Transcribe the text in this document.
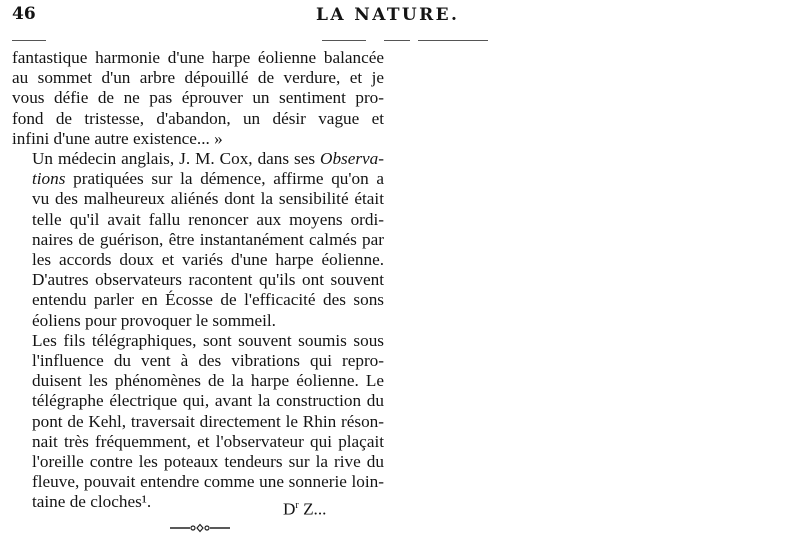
46	LA NATURE.

fantastique harmonie d'une harpe éolienne balancée
au sommet d'un arbre dépouillé de verdure, et je
vous défie de ne pas éprouver un sentiment pro-
fond de tristesse, d'abandon, un désir vague et
infini d'une autre existence... »

Un médecin anglais, J. M. Cox, dans ses Observa-
tions pratiquées sur la démence, affirme qu'on a
vu des malheureux aliénés dont la sensibilité était
telle qu'il avait fallu renoncer aux moyens ordi-
naires de guérison, être instantanément calmés par
les accords doux et variés d'une harpe éolienne.
D'autres observateurs racontent qu'ils ont souvent
entendu parler en Écosse de l'efficacité des sons
éoliens pour provoquer le sommeil.

Les fils télégraphiques, sont souvent soumis sous
l'influence du vent à des vibrations qui repro-
duisent les phénomènes de la harpe éolienne. Le
télégraphe électrique qui, avant la construction du
pont de Kehl, traversait directement le Rhin réson-
nait très fréquemment, et l'observateur qui plaçait
l'oreille contre les poteaux tendeurs sur la rive du
fleuve, pouvait entendre comme une sonnerie loin-
taine de cloches¹.	$D^r$ Z...
